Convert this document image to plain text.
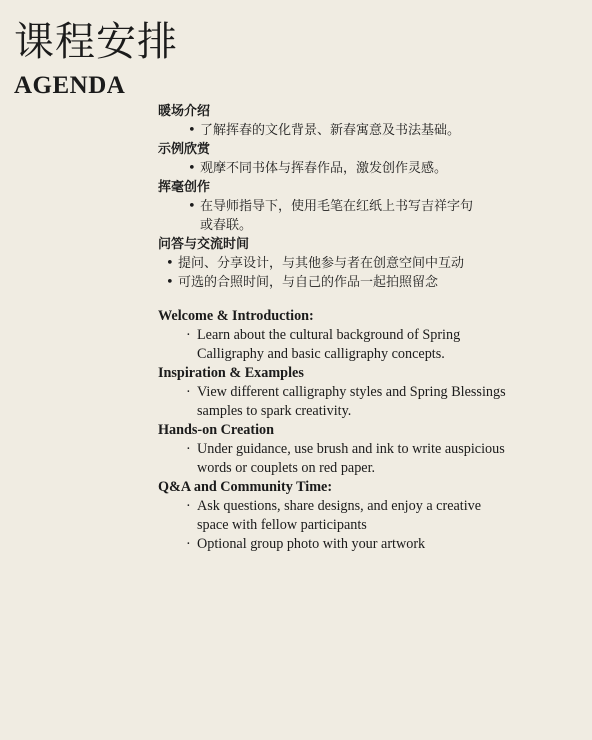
课程安排
AGENDA
暖场介绍
• 了解挥春的文化背景、新春寓意及书法基础。
示例欣赏
• 观摩不同书体与挥春作品，激发创作灵感。
挥毫创作
• 在导师指导下，使用毛笔在红纸上书写吉祥字句
或春联。
问答与交流时间
• 提问、分享设计，与其他参与者在创意空间中互动
• 可选的合照时间，与自己的作品一起拍照留念
Welcome & Introduction:
· Learn about the cultural background of Spring
Calligraphy and basic calligraphy concepts.
Inspiration & Examples
· View different calligraphy styles and Spring Blessings
samples to spark creativity.
Hands-on Creation
· Under guidance, use brush and ink to write auspicious
words or couplets on red paper.
Q&A and Community Time:
· Ask questions, share designs, and enjoy a creative
space with fellow participants
· Optional group photo with your artwork
